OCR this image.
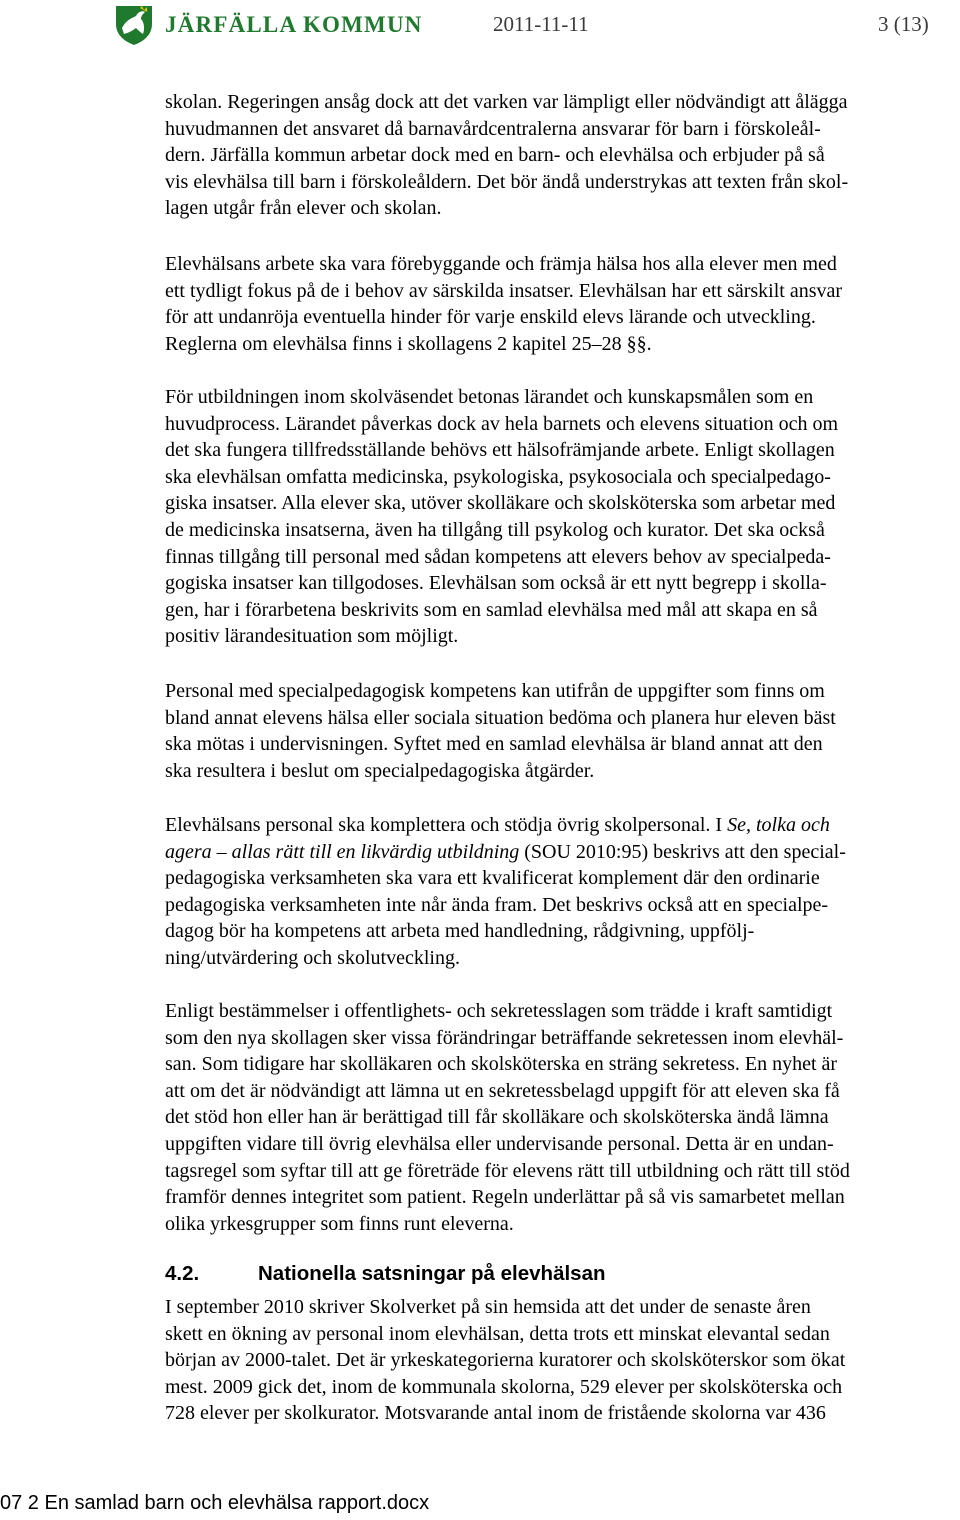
JÄRFÄLLA KOMMUN	2011-11-11	3 (13)
skolan. Regeringen ansåg dock att det varken var lämpligt eller nödvändigt att ålägga
huvudmannen det ansvaret då barnavårdcentralerna ansvarar för barn i förskoleål-
dern. Järfälla kommun arbetar dock med en barn- och elevhälsa och erbjuder på så
vis elevhälsa till barn i förskoleåldern. Det bör ändå understrykas att texten från skol-
lagen utgår från elever och skolan.
Elevhälsans arbete ska vara förebyggande och främja hälsa hos alla elever men med
ett tydligt fokus på de i behov av särskilda insatser. Elevhälsan har ett särskilt ansvar
för att undanröja eventuella hinder för varje enskild elevs lärande och utveckling.
Reglerna om elevhälsa finns i skollagens 2 kapitel 25–28 §§.
För utbildningen inom skolväsendet betonas lärandet och kunskapsmålen som en
huvudprocess. Lärandet påverkas dock av hela barnets och elevens situation och om
det ska fungera tillfredsställande behövs ett hälsofrämjande arbete. Enligt skollagen
ska elevhälsan omfatta medicinska, psykologiska, psykosociala och specialpedago-
giska insatser. Alla elever ska, utöver skolläkare och skolsköterska som arbetar med
de medicinska insatserna, även ha tillgång till psykolog och kurator. Det ska också
finnas tillgång till personal med sådan kompetens att elevers behov av specialpeda-
gogiska insatser kan tillgodoses. Elevhälsan som också är ett nytt begrepp i skolla-
gen, har i förarbetena beskrivits som en samlad elevhälsa med mål att skapa en så
positiv lärandesituation som möjligt.
Personal med specialpedagogisk kompetens kan utifrån de uppgifter som finns om
bland annat elevens hälsa eller sociala situation bedöma och planera hur eleven bäst
ska mötas i undervisningen. Syftet med en samlad elevhälsa är bland annat att den
ska resultera i beslut om specialpedagogiska åtgärder.
Elevhälsans personal ska komplettera och stödja övrig skolpersonal. I Se, tolka och
agera – allas rätt till en likvärdig utbildning (SOU 2010:95) beskrivs att den special-
pedagogiska verksamheten ska vara ett kvalificerat komplement där den ordinarie
pedagogiska verksamheten inte når ända fram. Det beskrivs också att en specialpe-
dagog bör ha kompetens att arbeta med handledning, rådgivning, uppfölj-
ning/utvärdering och skolutveckling.
Enligt bestämmelser i offentlighets- och sekretesslagen som trädde i kraft samtidigt
som den nya skollagen sker vissa förändringar beträffande sekretessen inom elevhäl-
san. Som tidigare har skolläkaren och skolsköterska en sträng sekretess. En nyhet är
att om det är nödvändigt att lämna ut en sekretessbelagd uppgift för att eleven ska få
det stöd hon eller han är berättigad till får skolläkare och skolsköterska ändå lämna
uppgiften vidare till övrig elevhälsa eller undervisande personal. Detta är en undan-
tagsregel som syftar till att ge företräde för elevens rätt till utbildning och rätt till stöd
framför dennes integritet som patient. Regeln underlättar på så vis samarbetet mellan
olika yrkesgrupper som finns runt eleverna.
4.2.	Nationella satsningar på elevhälsan
I september 2010 skriver Skolverket på sin hemsida att det under de senaste åren
skett en ökning av personal inom elevhälsan, detta trots ett minskat elevantal sedan
början av 2000-talet. Det är yrkeskategorierna kuratorer och skolsköterskor som ökat
mest. 2009 gick det, inom de kommunala skolorna, 529 elever per skolsköterska och
728 elever per skolkurator. Motsvarande antal inom de fristående skolorna var 436
07 2 En samlad barn och elevhälsa rapport.docx
